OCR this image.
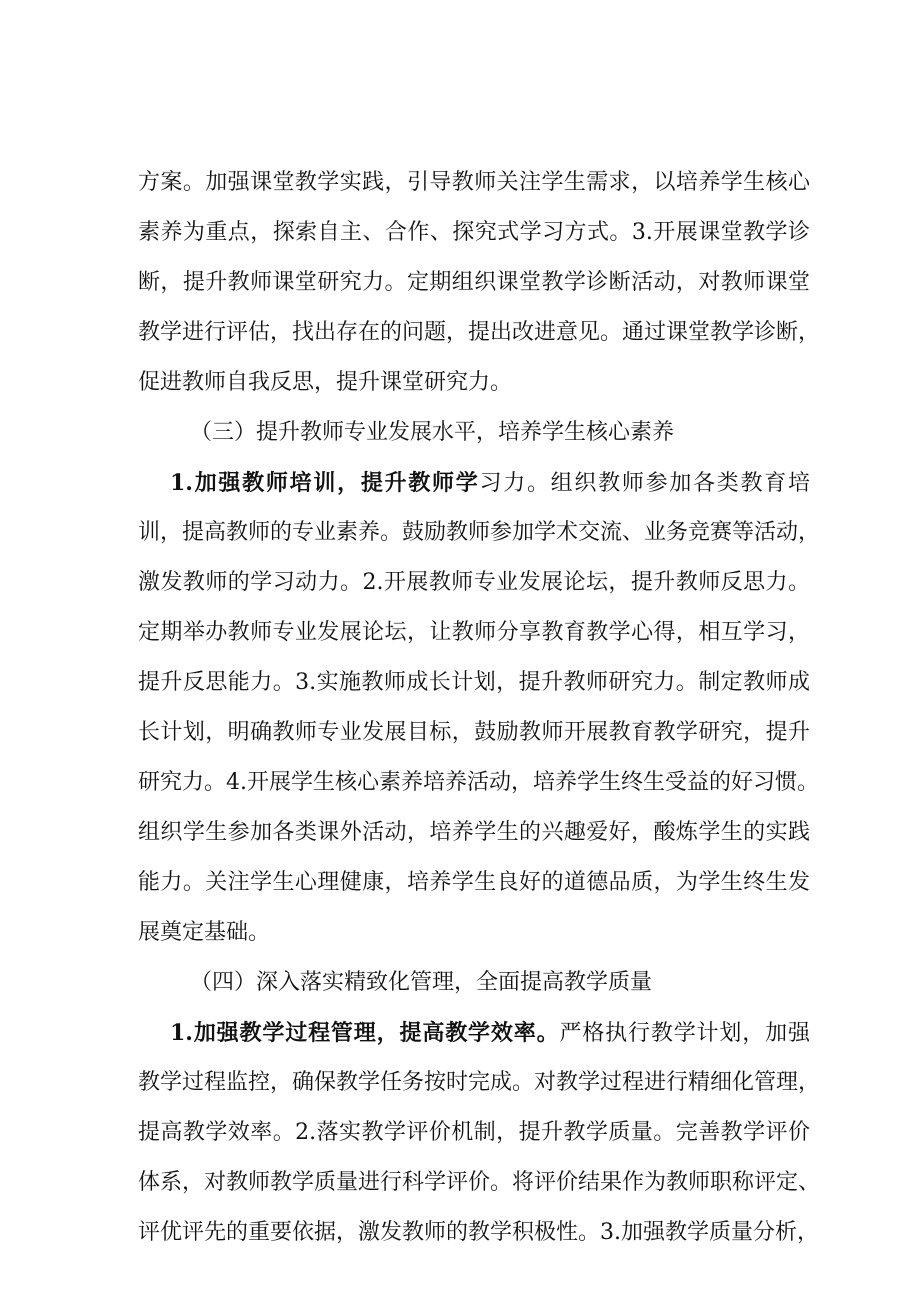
方案。加强课堂教学实践，引导教师关注学生需求，以培养学生核心
素养为重点，探索自主、合作、探究式学习方式。3.开展课堂教学诊
断，提升教师课堂研究力。定期组织课堂教学诊断活动，对教师课堂
教学进行评估，找出存在的问题，提出改进意见。通过课堂教学诊断，
促进教师自我反思，提升课堂研究力。
（三）提升教师专业发展水平，培养学生核心素养
1.加强教师培训，提升教师学习力。组织教师参加各类教育培
训，提高教师的专业素养。鼓励教师参加学术交流、业务竞赛等活动，
激发教师的学习动力。2.开展教师专业发展论坛，提升教师反思力。
定期举办教师专业发展论坛，让教师分享教育教学心得，相互学习，
提升反思能力。3.实施教师成长计划，提升教师研究力。制定教师成
长计划，明确教师专业发展目标，鼓励教师开展教育教学研究，提升
研究力。4.开展学生核心素养培养活动，培养学生终生受益的好习惯。
组织学生参加各类课外活动，培养学生的兴趣爱好，酸炼学生的实践
能力。关注学生心理健康，培养学生良好的道德品质，为学生终生发
展奠定基础。
（四）深入落实精致化管理，全面提高教学质量
1.加强教学过程管理，提高教学效率。严格执行教学计划，加强
教学过程监控，确保教学任务按时完成。对教学过程进行精细化管理，
提高教学效率。2.落实教学评价机制，提升教学质量。完善教学评价
体系，对教师教学质量进行科学评价。将评价结果作为教师职称评定、
评优评先的重要依据，激发教师的教学积极性。3.加强教学质量分析，
